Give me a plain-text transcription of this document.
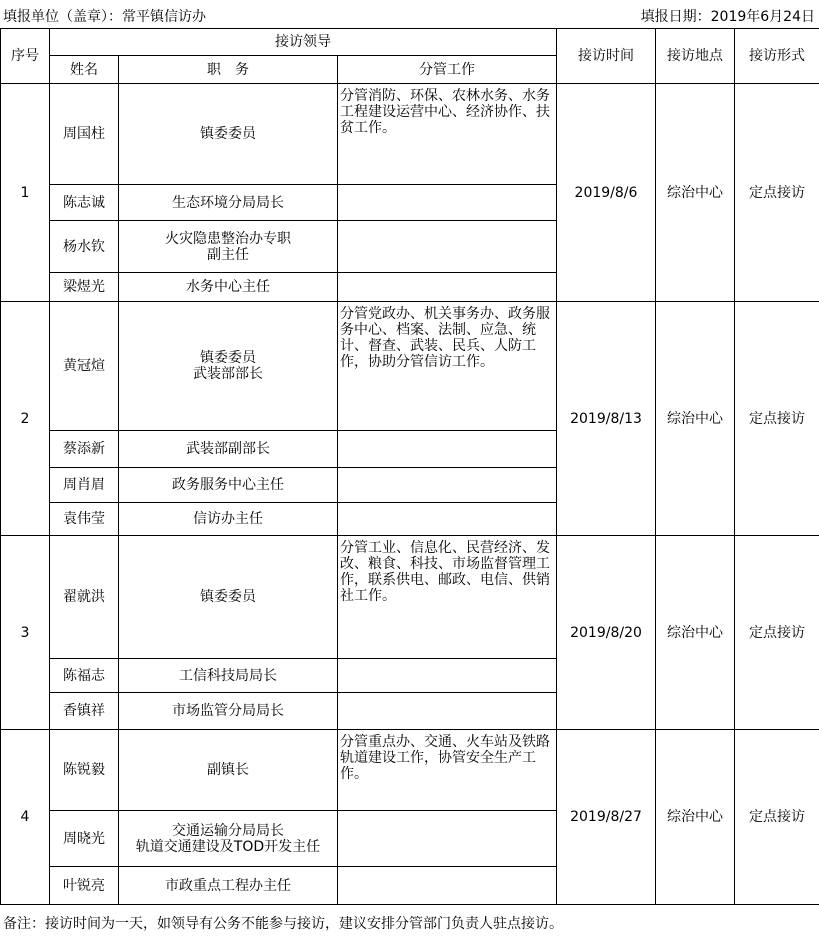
填报单位（盖章）：常平镇信访办	填报日期：2019年6月24日
序号	接访领导			接访时间	接访地点	接访形式
	姓名	职　务	分管工作			
1	周国柱	镇委委员	分管消防、环保、农林水务、水务工程建设运营中心、经济协作、扶贫工作。	2019/8/6	综治中心	定点接访
	陈志诚	生态环境分局局长				
	杨水钦	火灾隐患整治办专职
副主任				
	梁煜光	水务中心主任				
2	黄冠煊	镇委委员
武装部部长	分管党政办、机关事务办、政务服务中心、档案、法制、应急、统计、督查、武装、民兵、人防工作，协助分管信访工作。	2019/8/13	综治中心	定点接访
	蔡添新	武装部副部长				
	周肖眉	政务服务中心主任				
	袁伟莹	信访办主任				
3	翟就洪	镇委委员	分管工业、信息化、民营经济、发改、粮食、科技、市场监督管理工作，联系供电、邮政、电信、供销社工作。	2019/8/20	综治中心	定点接访
	陈福志	工信科技局局长				
	香镇祥	市场监管分局局长				
4	陈锐毅	副镇长	分管重点办、交通、火车站及铁路轨道建设工作，协管安全生产工作。	2019/8/27	综治中心	定点接访
	周晓光	交通运输分局局长
轨道交通建设及TOD开发主任				
	叶锐亮	市政重点工程办主任				
备注：接访时间为一天，如领导有公务不能参与接访，建议安排分管部门负责人驻点接访。
